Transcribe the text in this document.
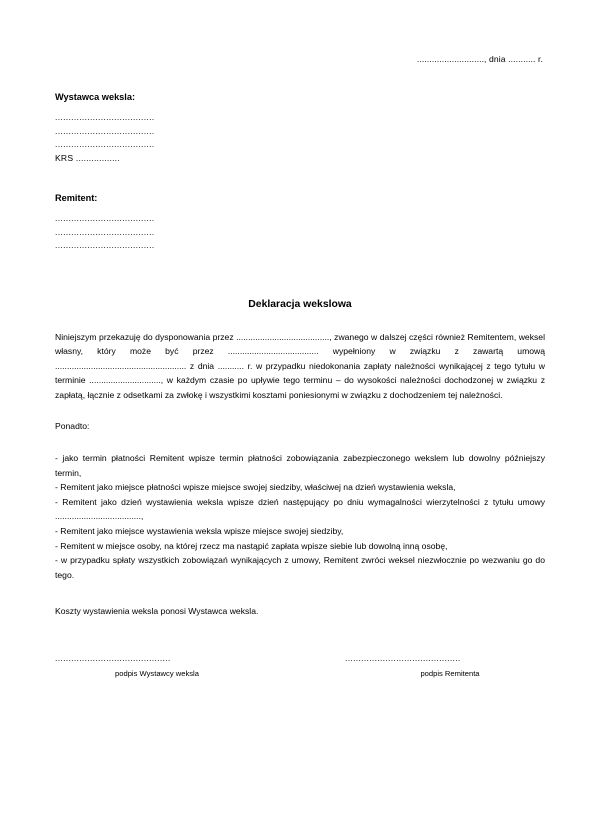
..........................., dnia ........... r.
Wystawca weksla:
.....................................
.....................................
.....................................
KRS .................
Remitent:
.....................................
.....................................
.....................................
Deklaracja wekslowa

Niniejszym przekazuję do dysponowania przez ......................................., zwanego w dalszej części również Remitentem, weksel własny, który może być przez ...................................... wypełniony w związku z zawartą umową ....................................................... z dnia ........... r. w przypadku niedokonania zapłaty należności wynikającej z tego tytułu w terminie .............................., w każdym czasie po upływie tego terminu – do wysokości należności dochodzonej w związku z zapłatą, łącznie z odsetkami za zwłokę i wszystkimi kosztami poniesionymi w związku z dochodzeniem tej należności.

Ponadto:

- jako termin płatności Remitent wpisze termin płatności zobowiązania zabezpieczonego wekslem lub dowolny późniejszy termin,

- Remitent jako miejsce płatności wpisze miejsce swojej siedziby, właściwej na dzień wystawienia weksla,

- Remitent jako dzień wystawienia weksla wpisze dzień następujący po dniu wymagalności wierzytelności z tytułu umowy ....................................,

- Remitent jako miejsce wystawienia weksla wpisze miejsce swojej siedziby,

- Remitent w miejsce osoby, na której rzecz ma nastąpić zapłata wpisze siebie lub dowolną inną osobę,

- w przypadku spłaty wszystkich zobowiązań wynikających z umowy, Remitent zwróci weksel niezwłocznie po wezwaniu go do tego.

Koszty wystawienia weksla ponosi Wystawca weksla.

...........................................

podpis Wystawcy weksla

...........................................

podpis Remitenta
